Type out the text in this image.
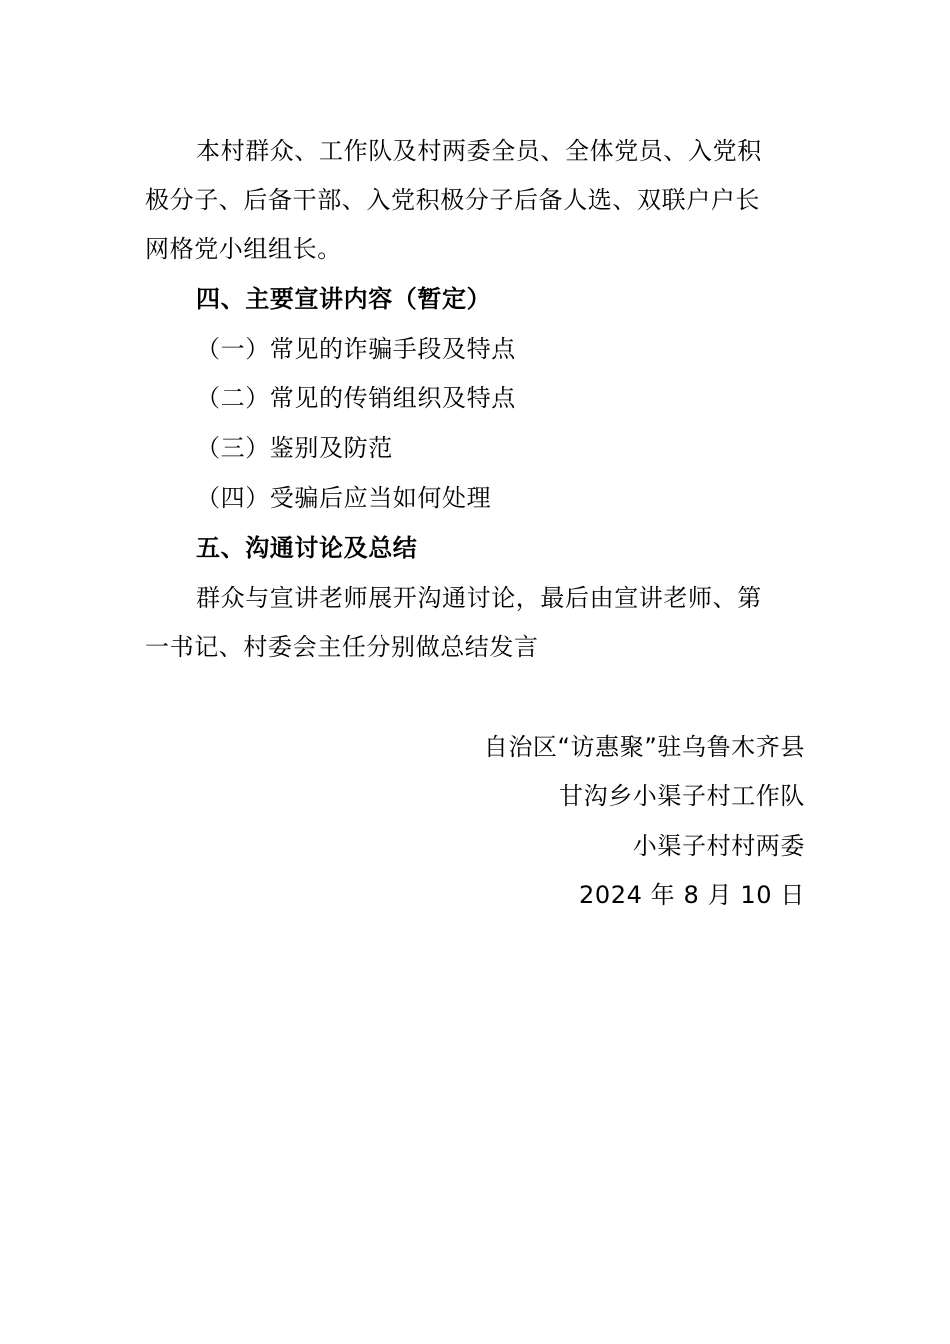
本村群众、工作队及村两委全员、全体党员、入党积
极分子、后备干部、入党积极分子后备人选、双联户户长
网格党小组组长。
四、主要宣讲内容（暂定）
（一）常见的诈骗手段及特点
（二）常见的传销组织及特点
（三）鉴别及防范
（四）受骗后应当如何处理
五、沟通讨论及总结
群众与宣讲老师展开沟通讨论，最后由宣讲老师、第
一书记、村委会主任分别做总结发言
自治区“访惠聚”驻乌鲁木齐县
甘沟乡小渠子村工作队
小渠子村村两委
2024 年 8 月 10 日
